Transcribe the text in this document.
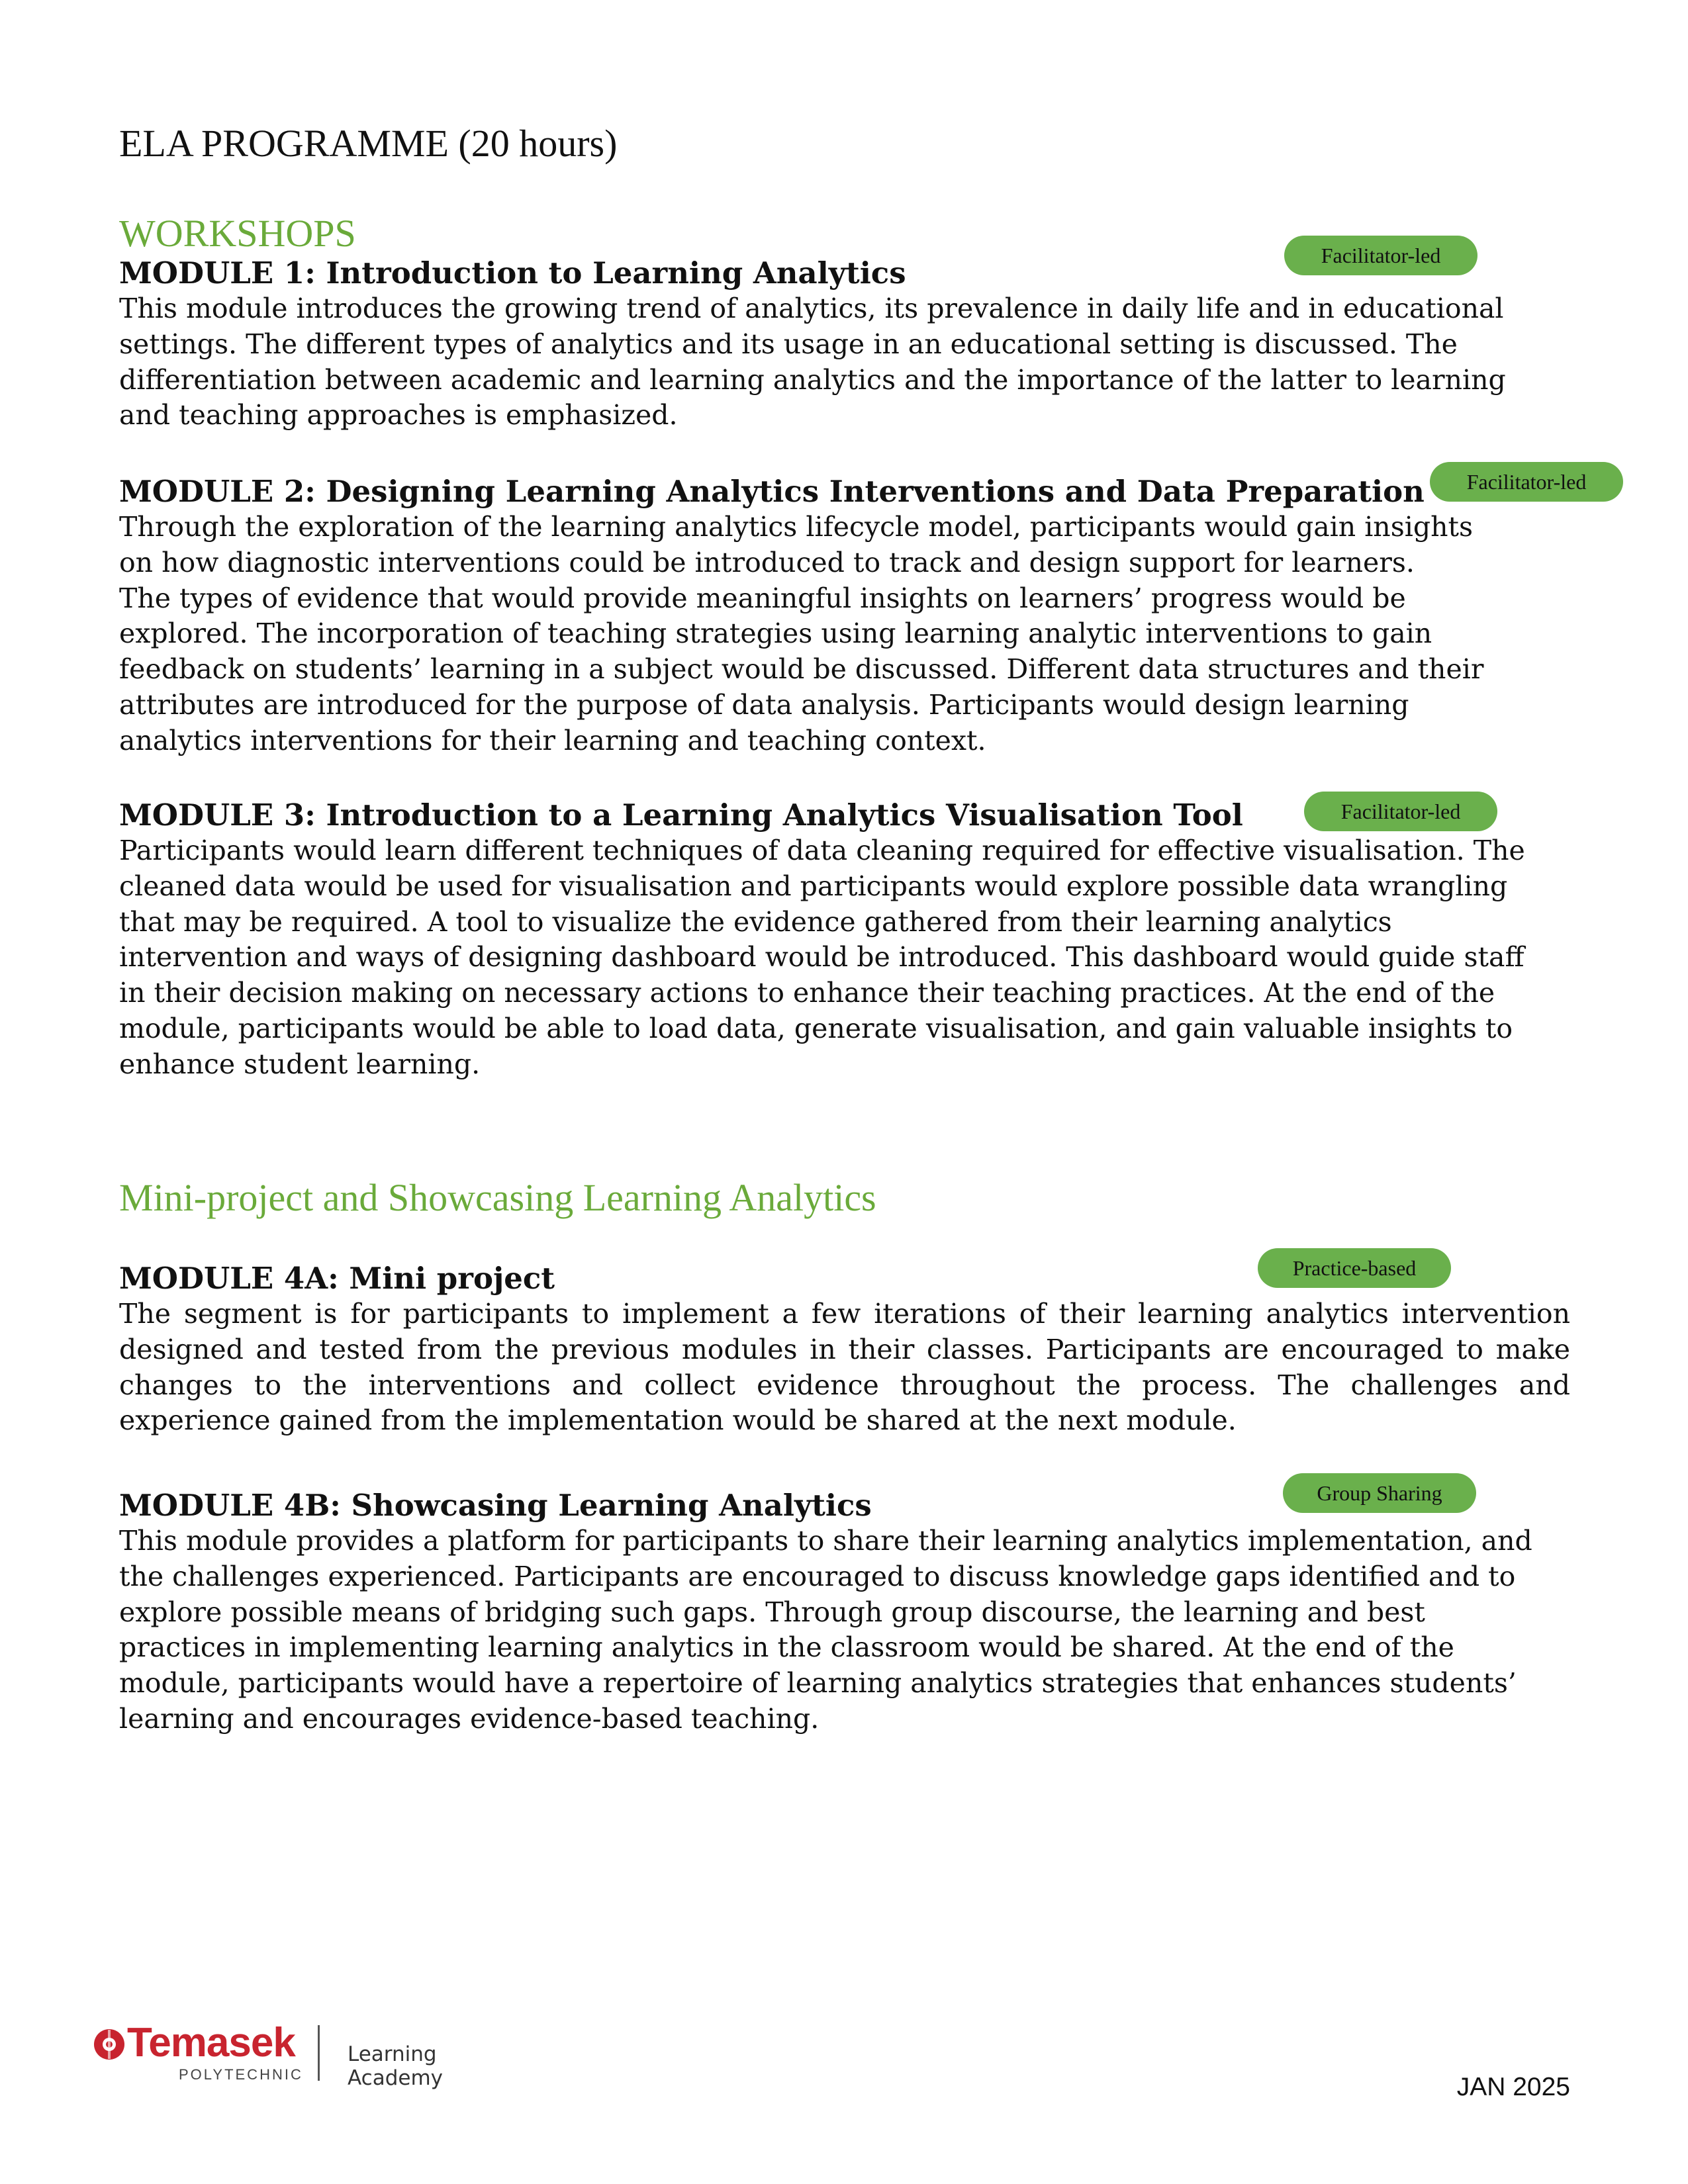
ELA PROGRAMME (20 hours)
WORKSHOPS
Facilitator-led
MODULE 1: Introduction to Learning Analytics
This module introduces the growing trend of analytics, its prevalence in daily life and in educational
settings. The different types of analytics and its usage in an educational setting is discussed. The
differentiation between academic and learning analytics and the importance of the latter to learning
and teaching approaches is emphasized.
Facilitator-led
MODULE 2: Designing Learning Analytics Interventions and Data Preparation
Through the exploration of the learning analytics lifecycle model, participants would gain insights
on how diagnostic interventions could be introduced to track and design support for learners.
The types of evidence that would provide meaningful insights on learners’ progress would be
explored. The incorporation of teaching strategies using learning analytic interventions to gain
feedback on students’ learning in a subject would be discussed. Different data structures and their
attributes are introduced for the purpose of data analysis. Participants would design learning
analytics interventions for their learning and teaching context.
Facilitator-led
MODULE 3: Introduction to a Learning Analytics Visualisation Tool
Participants would learn different techniques of data cleaning required for effective visualisation. The
cleaned data would be used for visualisation and participants would explore possible data wrangling
that may be required. A tool to visualize the evidence gathered from their learning analytics
intervention and ways of designing dashboard would be introduced. This dashboard would guide staff
in their decision making on necessary actions to enhance their teaching practices. At the end of the
module, participants would be able to load data, generate visualisation, and gain valuable insights to
enhance student learning.
Mini-project and Showcasing Learning Analytics
Practice-based
MODULE 4A: Mini project
The segment is for participants to implement a few iterations of their learning analytics intervention designed and tested from the previous modules in their classes. Participants are encouraged to make changes to the interventions and collect evidence throughout the process. The challenges and experience gained from the implementation would be shared at the next module.
Group Sharing
MODULE 4B: Showcasing Learning Analytics
This module provides a platform for participants to share their learning analytics implementation, and
the challenges experienced. Participants are encouraged to discuss knowledge gaps identified and to
explore possible means of bridging such gaps. Through group discourse, the learning and best
practices in implementing learning analytics in the classroom would be shared. At the end of the
module, participants would have a repertoire of learning analytics strategies that enhances students’
learning and encourages evidence-based teaching.
Temasek
POLYTECHNIC
Learning Academy	JAN 2025
